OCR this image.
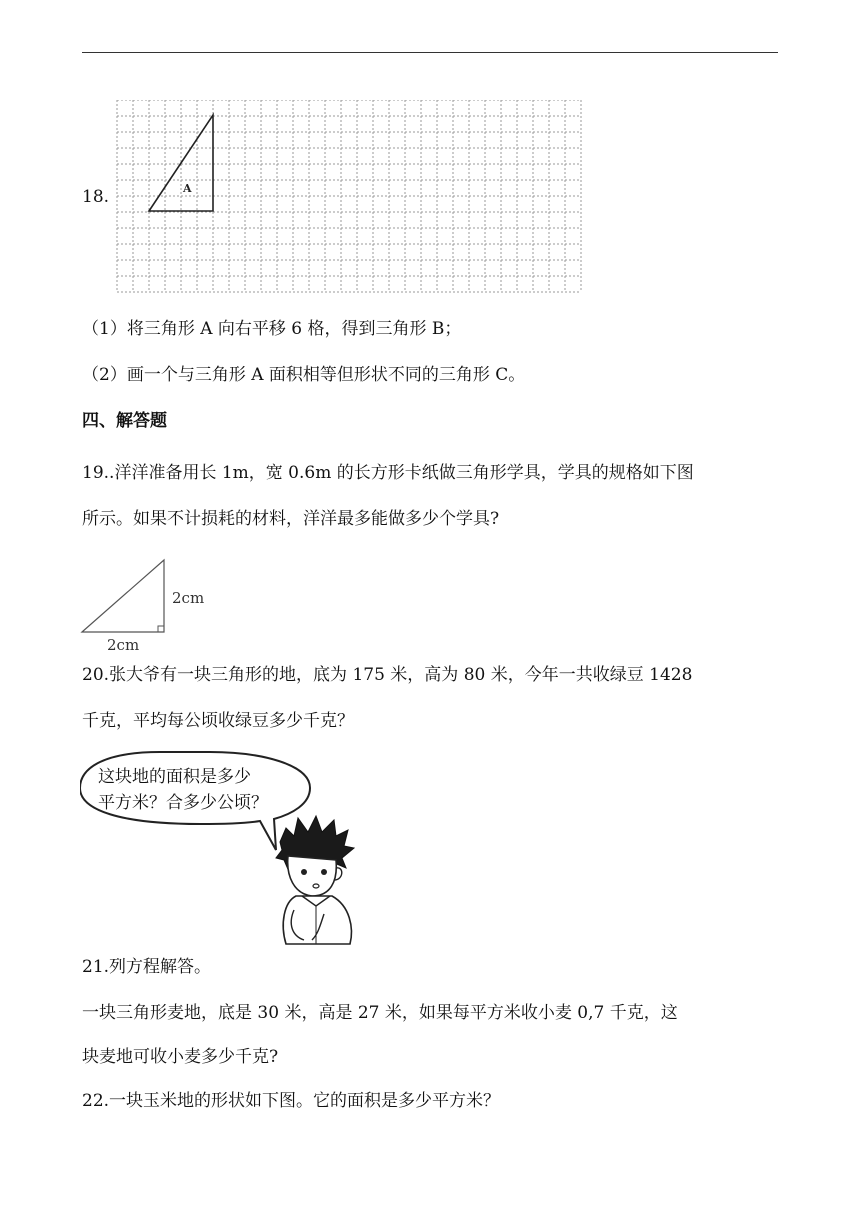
18.	A
（1）将三角形 A 向右平移 6 格，得到三角形 B；
（2）画一个与三角形 A 面积相等但形状不同的三角形 C。
四、解答题
19..洋洋准备用长 1m，宽 0.6m 的长方形卡纸做三角形学具，学具的规格如下图
所示。如果不计损耗的材料，洋洋最多能做多少个学具?
2cm
2cm
20.张大爷有一块三角形的地，底为 175 米，高为 80 米，今年一共收绿豆 1428
千克，平均每公顷收绿豆多少千克？
这块地的面积是多少
平方米？合多少公顷？
21.列方程解答。
一块三角形麦地，底是 30 米，高是 27 米，如果每平方米收小麦 0,7 千克，这
块麦地可收小麦多少千克?
22.一块玉米地的形状如下图。它的面积是多少平方米？
